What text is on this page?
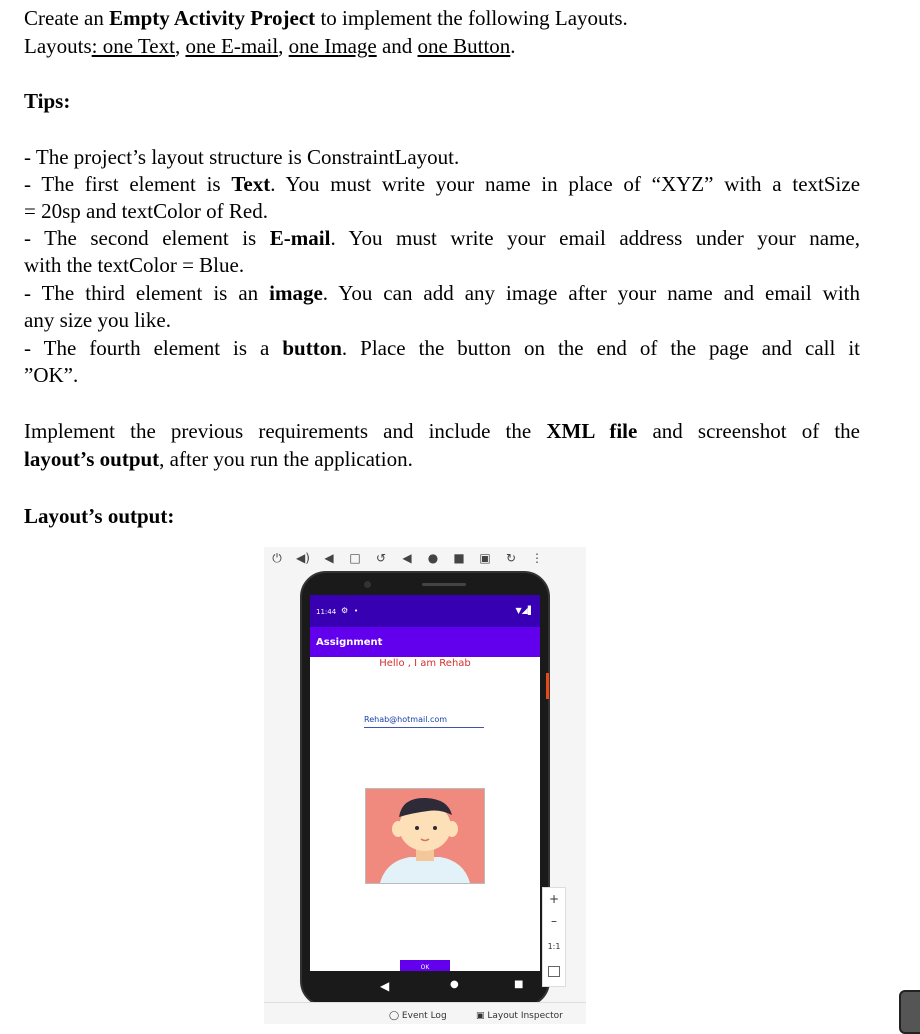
Create an Empty Activity Project to implement the following Layouts.
Layouts: one Text, one E-mail, one Image and one Button.
Tips:
- The project’s layout structure is ConstraintLayout.
- The first element is Text. You must write your name in place of “XYZ” with a textSize
= 20sp and textColor of Red.
- The second element is E-mail. You must write your email address under your name,
with the textColor = Blue.
- The third element is an image. You can add any image after your name and email with
any size you like.
- The fourth element is a button. Place the button on the end of the page and call it
”OK”.
Implement the previous requirements and include the XML file and screenshot of the
layout’s output, after you run the application.
Layout’s output:
⏻	◀)	◀	□	↺	◀	●	■	▣	↻	⋮
11:44 ⚙ •	▼◢▌
Assignment
Hello , I am Rehab
Rehab@hotmail.com
OK
◀	●	■
+
–
1:1
◯ Event Log	▣ Layout Inspector
